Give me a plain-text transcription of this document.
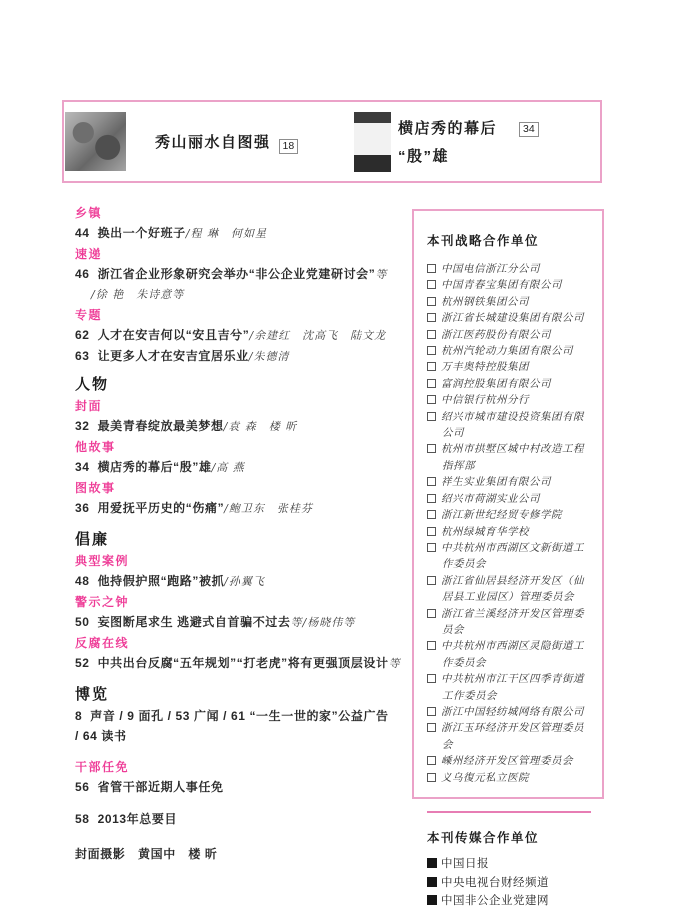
秀山丽水自图强	18
横店秀的幕后	34
“殷”雄
乡镇
44 换出一个好班子/程 琳　何如星
速递
46 浙江省企业形象研究会举办“非公企业党建研讨会”等
/徐 艳　朱诗意等
专题
62 人才在安吉何以“安且吉兮”/余建红　沈高飞　陆文龙
63 让更多人才在安吉宜居乐业/朱德清
人物
封面
32 最美青春绽放最美梦想/袁 森　楼 昕
他故事
34 横店秀的幕后“殷”雄/高 燕
图故事
36 用爱抚平历史的“伤痛”/鲍卫东　张桂芬
倡廉
典型案例
48 他持假护照“跑路”被抓/孙翼飞
警示之钟
50 妄图断尾求生 逃避式自首骗不过去等/杨晓伟等
反腐在线
52 中共出台反腐“五年规划”“打老虎”将有更强顶层设计等
博览
8 声音 / 9 面孔 / 53 广闻 / 61 “一生一世的家”公益广告
/ 64 读书
干部任免
56 省管干部近期人事任免
58 2013年总要目
封面摄影　黄国中　楼 昕
本刊战略合作单位
中国电信浙江分公司
中国青春宝集团有限公司
杭州钢铁集团公司
浙江省长城建设集团有限公司
浙江医药股份有限公司
杭州汽轮动力集团有限公司
万丰奥特控股集团
富润控股集团有限公司
中信银行杭州分行
绍兴市城市建设投资集团有限公司
杭州市拱墅区城中村改造工程指挥部
祥生实业集团有限公司
绍兴市荷湖实业公司
浙江新世纪经贸专修学院
杭州绿城育华学校
中共杭州市西湖区文新街道工作委员会
浙江省仙居县经济开发区（仙居县工业园区）管理委员会
浙江省兰溪经济开发区管理委员会
中共杭州市西湖区灵隐街道工作委员会
中共杭州市江干区四季青街道工作委员会
浙江中国轻纺城网络有限公司
浙江玉环经济开发区管理委员会
嵊州经济开发区管理委员会
义乌復元私立医院
本刊传媒合作单位
中国日报
中央电视台财经频道
中国非公企业党建网
